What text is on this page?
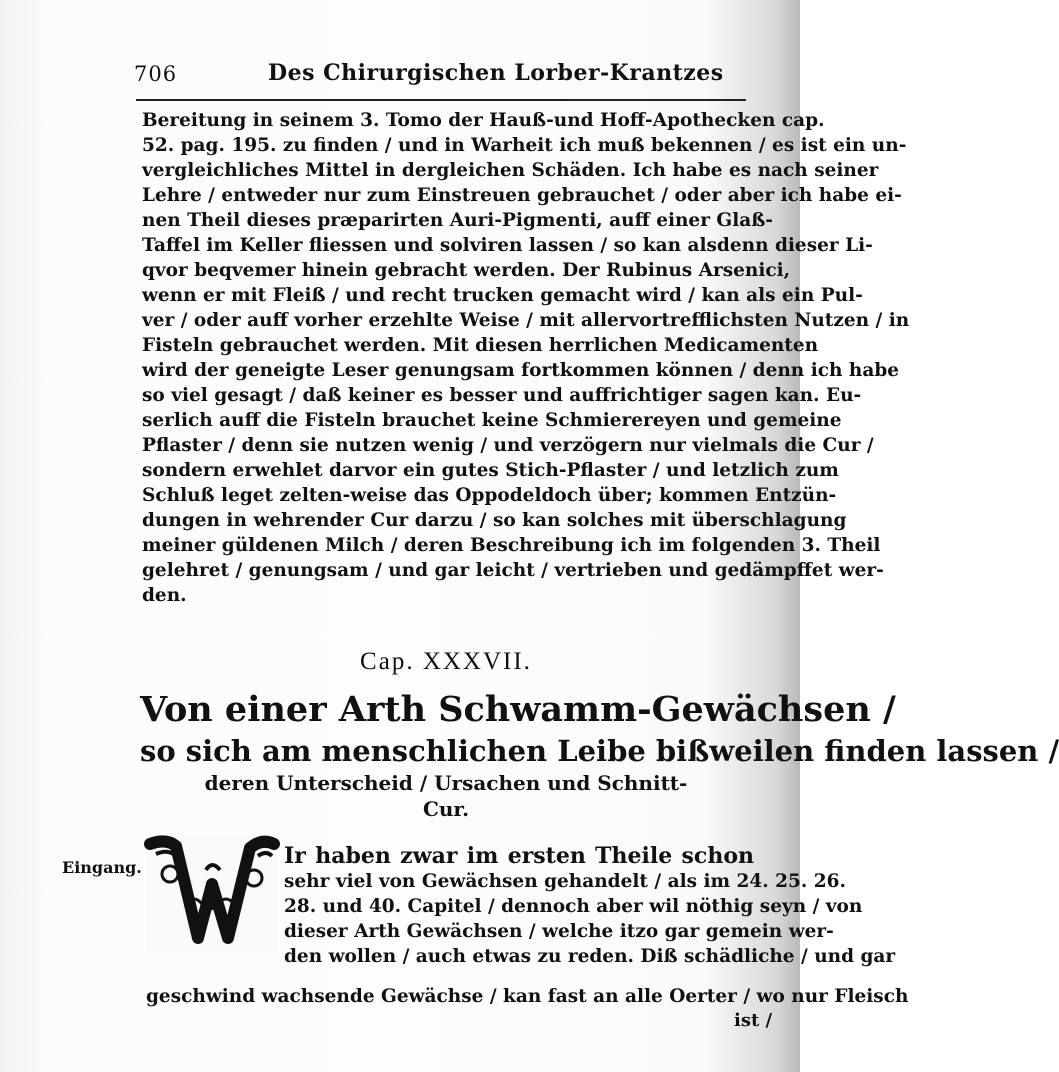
706	Des Chirurgischen Lorber-Krantzes
Bereitung in seinem 3. Tomo der Hauß-und Hoff-Apothecken cap.
52. pag. 195. zu finden / und in Warheit ich muß bekennen / es ist ein un-
vergleichliches Mittel in dergleichen Schäden. Ich habe es nach seiner
Lehre / entweder nur zum Einstreuen gebrauchet / oder aber ich habe ei-
nen Theil dieses præparirten Auri-Pigmenti, auff einer Glaß-
Taffel im Keller fliessen und solviren lassen / so kan alsdenn dieser Li-
qvor beqvemer hinein gebracht werden. Der Rubinus Arsenici,
wenn er mit Fleiß / und recht trucken gemacht wird / kan als ein Pul-
ver / oder auff vorher erzehlte Weise / mit allervortrefflichsten Nutzen / in
Fisteln gebrauchet werden. Mit diesen herrlichen Medicamenten
wird der geneigte Leser genungsam fortkommen können / denn ich habe
so viel gesagt / daß keiner es besser und auffrichtiger sagen kan. Eu-
serlich auff die Fisteln brauchet keine Schmierereyen und gemeine
Pflaster / denn sie nutzen wenig / und verzögern nur vielmals die Cur /
sondern erwehlet darvor ein gutes Stich-Pflaster / und letzlich zum
Schluß leget zelten-weise das Oppodeldoch über; kommen Entzün-
dungen in wehrender Cur darzu / so kan solches mit überschlagung
meiner güldenen Milch / deren Beschreibung ich im folgenden 3. Theil
gelehret / genungsam / und gar leicht / vertrieben und gedämpffet wer-
den.
Cap. XXXVII.
Von einer Arth Schwamm-Gewächsen /
so sich am menschlichen Leibe bißweilen finden lassen /
deren Unterscheid / Ursachen und Schnitt-
Cur.
Eingang.
W
Ir haben zwar im ersten Theile schon
sehr viel von Gewächsen gehandelt / als im 24. 25. 26.
28. und 40. Capitel / dennoch aber wil nöthig seyn / von
dieser Arth Gewächsen / welche itzo gar gemein wer-
den wollen / auch etwas zu reden. Diß schädliche / und gar
geschwind wachsende Gewächse / kan fast an alle Oerter / wo nur Fleisch
ist /
